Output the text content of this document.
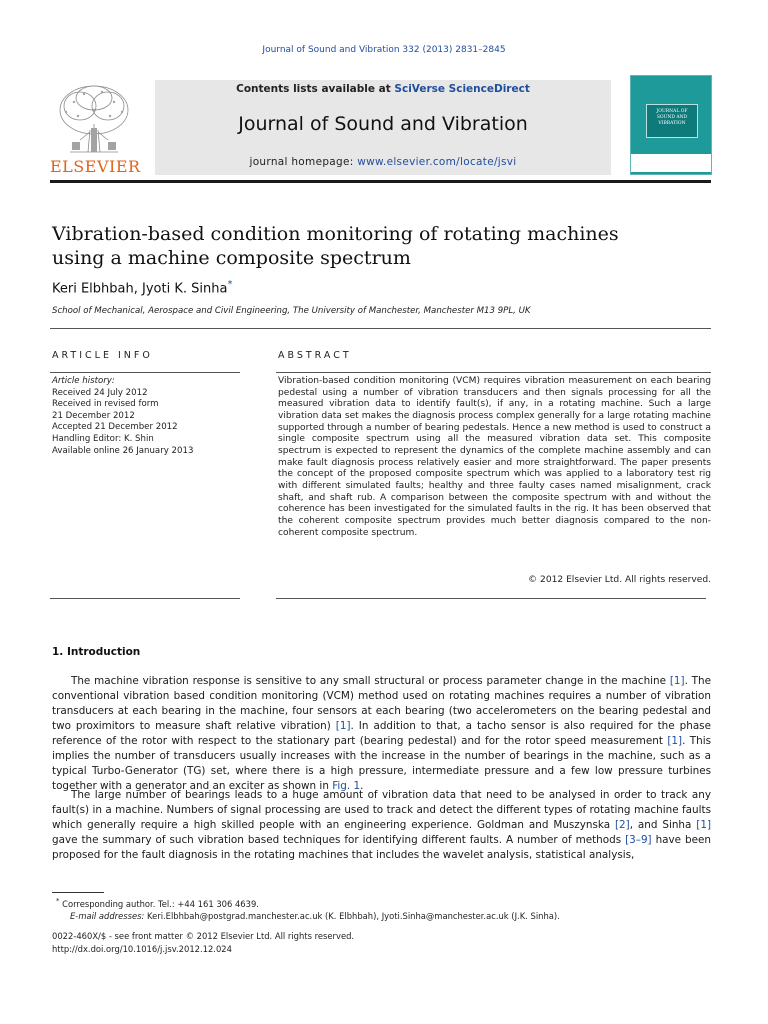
Journal of Sound and Vibration 332 (2013) 2831–2845
ELSEVIER
Contents lists available at SciVerse ScienceDirect
Journal of Sound and Vibration
journal homepage: www.elsevier.com/locate/jsvi
JOURNAL OF
SOUND AND
VIBRATION
Vibration-based condition monitoring of rotating machines
using a machine composite spectrum
Keri Elbhbah, Jyoti K. Sinha*
School of Mechanical, Aerospace and Civil Engineering, The University of Manchester, Manchester M13 9PL, UK
ARTICLE INFO	ABSTRACT
Article history:
Received 24 July 2012
Received in revised form
21 December 2012
Accepted 21 December 2012
Handling Editor: K. Shin
Available online 26 January 2013
Vibration-based condition monitoring (VCM) requires vibration measurement on each bearing pedestal using a number of vibration transducers and then signals processing for all the measured vibration data to identify fault(s), if any, in a rotating machine. Such a large vibration data set makes the diagnosis process complex generally for a large rotating machine supported through a number of bearing pedestals. Hence a new method is used to construct a single composite spectrum using all the measured vibration data set. This composite spectrum is expected to represent the dynamics of the complete machine assembly and can make fault diagnosis process relatively easier and more straightforward. The paper presents the concept of the proposed composite spectrum which was applied to a laboratory test rig with different simulated faults; healthy and three faulty cases named misalignment, crack shaft, and shaft rub. A comparison between the composite spectrum with and without the coherence has been investigated for the simulated faults in the rig. It has been observed that the coherent composite spectrum provides much better diagnosis compared to the non-coherent composite spectrum.
© 2012 Elsevier Ltd. All rights reserved.
1. Introduction
The machine vibration response is sensitive to any small structural or process parameter change in the machine [1]. The conventional vibration based condition monitoring (VCM) method used on rotating machines requires a number of vibration transducers at each bearing in the machine, four sensors at each bearing (two accelerometers on the bearing pedestal and two proximitors to measure shaft relative vibration) [1]. In addition to that, a tacho sensor is also required for the phase reference of the rotor with respect to the stationary part (bearing pedestal) and for the rotor speed measurement [1]. This implies the number of transducers usually increases with the increase in the number of bearings in the machine, such as a typical Turbo-Generator (TG) set, where there is a high pressure, intermediate pressure and a few low pressure turbines together with a generator and an exciter as shown in Fig. 1.
The large number of bearings leads to a huge amount of vibration data that need to be analysed in order to track any fault(s) in a machine. Numbers of signal processing are used to track and detect the different types of rotating machine faults which generally require a high skilled people with an engineering experience. Goldman and Muszynska [2], and Sinha [1] gave the summary of such vibration based techniques for identifying different faults. A number of methods [3–9] have been proposed for the fault diagnosis in the rotating machines that includes the wavelet analysis, statistical analysis,
* Corresponding author. Tel.: +44 161 306 4639.
E-mail addresses: Keri.Elbhbah@postgrad.manchester.ac.uk (K. Elbhbah), Jyoti.Sinha@manchester.ac.uk (J.K. Sinha).
0022-460X/$ - see front matter © 2012 Elsevier Ltd. All rights reserved.
http://dx.doi.org/10.1016/j.jsv.2012.12.024
